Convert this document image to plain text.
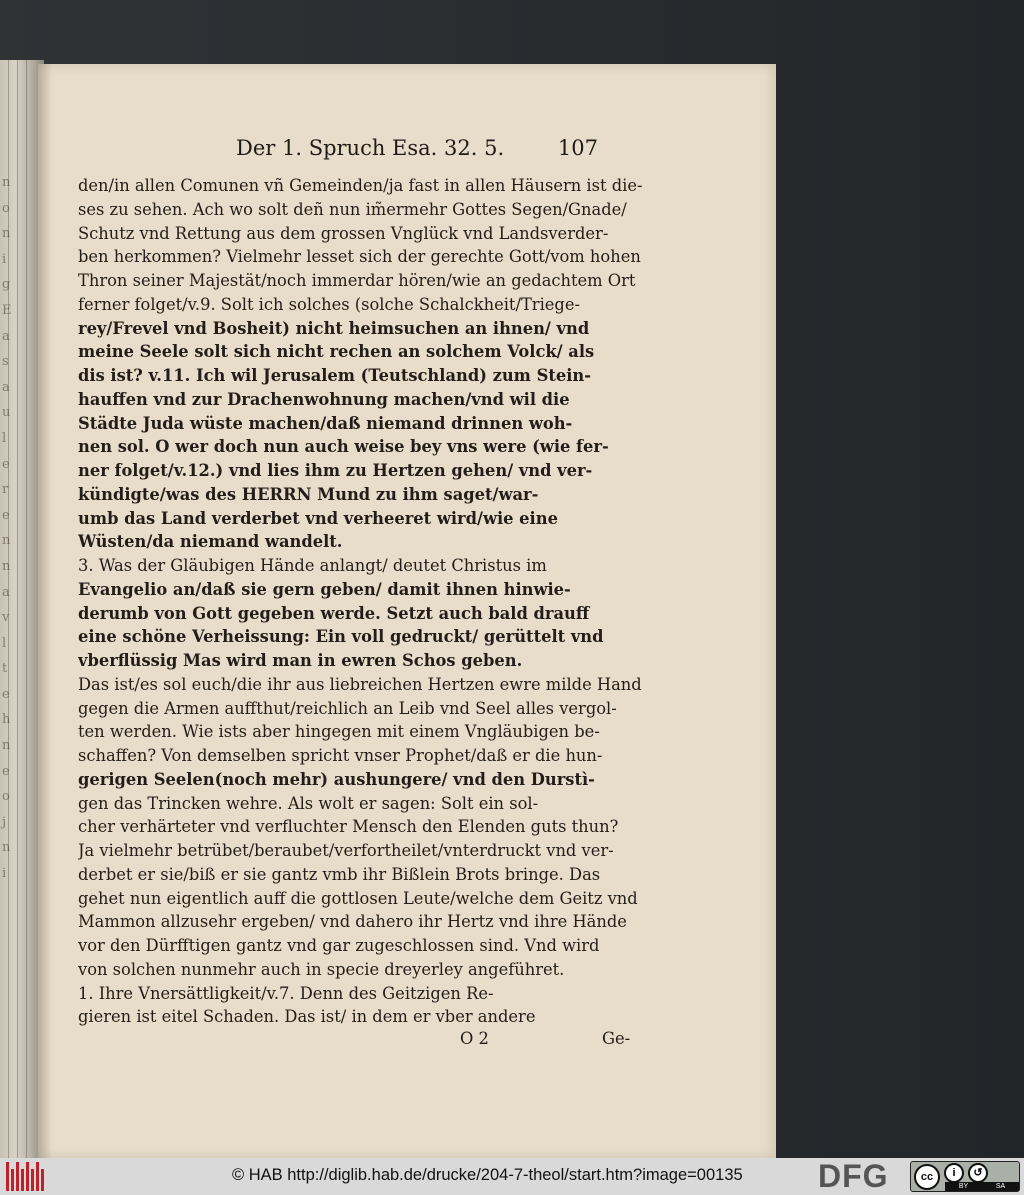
n
o
n
i
g
E
a
s
a
u
l
e
r
e
n
n
a
v
l
t
e
h
n
e
o
j
n
i
Der 1. Spruch Esa. 32. 5.	107
den/in allen Comunen vñ Gemeinden/ja fast in allen Häusern ist die-
ses zu sehen. Ach wo solt deñ nun im̃ermehr Gottes Segen/Gnade/
Schutz vnd Rettung aus dem grossen Vnglück vnd Landsverder-
ben herkommen? Vielmehr lesset sich der gerechte Gott/vom hohen
Thron seiner Majestät/noch immerdar hören/wie an gedachtem Ort
ferner folget/v.9. Solt ich solches (solche Schalckheit/Triege-
rey/Frevel vnd Bosheit) nicht heimsuchen an ihnen/ vnd
meine Seele solt sich nicht rechen an solchem Volck/ als
dis ist? v.11. Ich wil Jerusalem (Teutschland) zum Stein-
hauffen vnd zur Drachenwohnung machen/vnd wil die
Städte Juda wüste machen/daß niemand drinnen woh-
nen sol. O wer doch nun auch weise bey vns were (wie fer-
ner folget/v.12.) vnd lies ihm zu Hertzen gehen/ vnd ver-
kündigte/was des HERRN Mund zu ihm saget/war-
umb das Land verderbet vnd verheeret wird/wie eine
Wüsten/da niemand wandelt.
3. Was der Gläubigen Hände anlangt/ deutet Christus im
Evangelio an/daß sie gern geben/ damit ihnen hinwie-
derumb von Gott gegeben werde. Setzt auch bald drauff
eine schöne Verheissung: Ein voll gedruckt/ gerüttelt vnd
vberflüssig Mas wird man in ewren Schos geben.
Das ist/es sol euch/die ihr aus liebreichen Hertzen ewre milde Hand
gegen die Armen auffthut/reichlich an Leib vnd Seel alles vergol-
ten werden. Wie ists aber hingegen mit einem Vngläubigen be-
schaffen? Von demselben spricht vnser Prophet/daß er die hun-
gerigen Seelen(noch mehr) aushungere/ vnd den Durstì-
gen das Trincken wehre. Als wolt er sagen: Solt ein sol-
cher verhärteter vnd verfluchter Mensch den Elenden guts thun?
Ja vielmehr betrübet/beraubet/verfortheilet/vnterdruckt vnd ver-
derbet er sie/biß er sie gantz vmb ihr Bißlein Brots bringe. Das
gehet nun eigentlich auff die gottlosen Leute/welche dem Geitz vnd
Mammon allzusehr ergeben/ vnd dahero ihr Hertz vnd ihre Hände
vor den Dürfftigen gantz vnd gar zugeschlossen sind. Vnd wird
von solchen nunmehr auch in specie dreyerley angeführet.
1. Ihre Vnersättligkeit/v.7. Denn des Geitzigen Re-
gieren ist eitel Schaden. Das ist/ in dem er vber andere
O 2	Ge-
© HAB http://diglib.hab.de/drucke/204-7-theol/start.htm?image=00135 DFG	cc	i	↺
BY	SA
